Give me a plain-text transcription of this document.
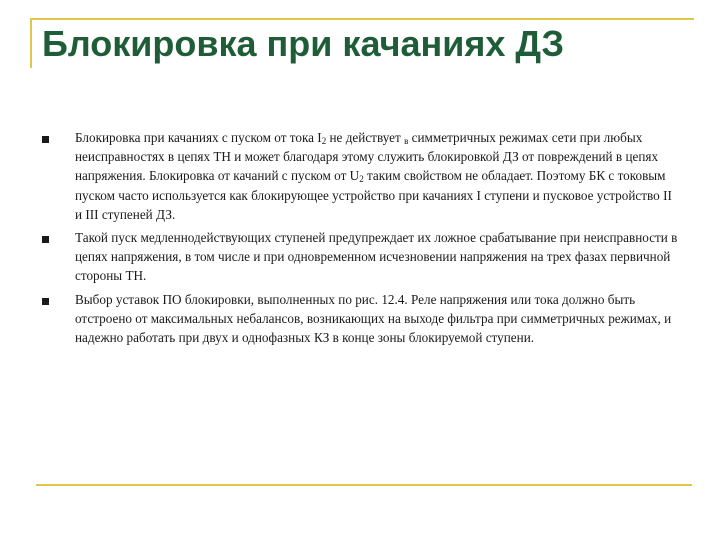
Блокировка при качаниях ДЗ
Блокировка при качаниях с пуском от тока $I_2$ не действует $_в$ симметричных режимах сети при любых неисправностях в цепях ТН и может благодаря этому служить блокировкой ДЗ от повреждений в цепях напряжения. Блокировка от качаний с пуском от $U_2$ таким свойством не обладает. Поэтому БК с токовым пуском часто используется как блокирующее устройство при качаниях I ступени и пусковое устройство II и III ступеней ДЗ.
Такой пуск медленнодействующих ступеней предупреждает их ложное срабатывание при неисправности в цепях напряжения, в том числе и при одновременном исчезновении напряжения на трех фазах первичной стороны ТН.
Выбор уставок ПО блокировки, выполненных по рис. 12.4. Реле напряжения или тока должно быть отстроено от максимальных небалансов, возникающих на выходе фильтра при симметричных режимах, и надежно работать при двух и однофазных КЗ в конце зоны блокируемой ступени.
